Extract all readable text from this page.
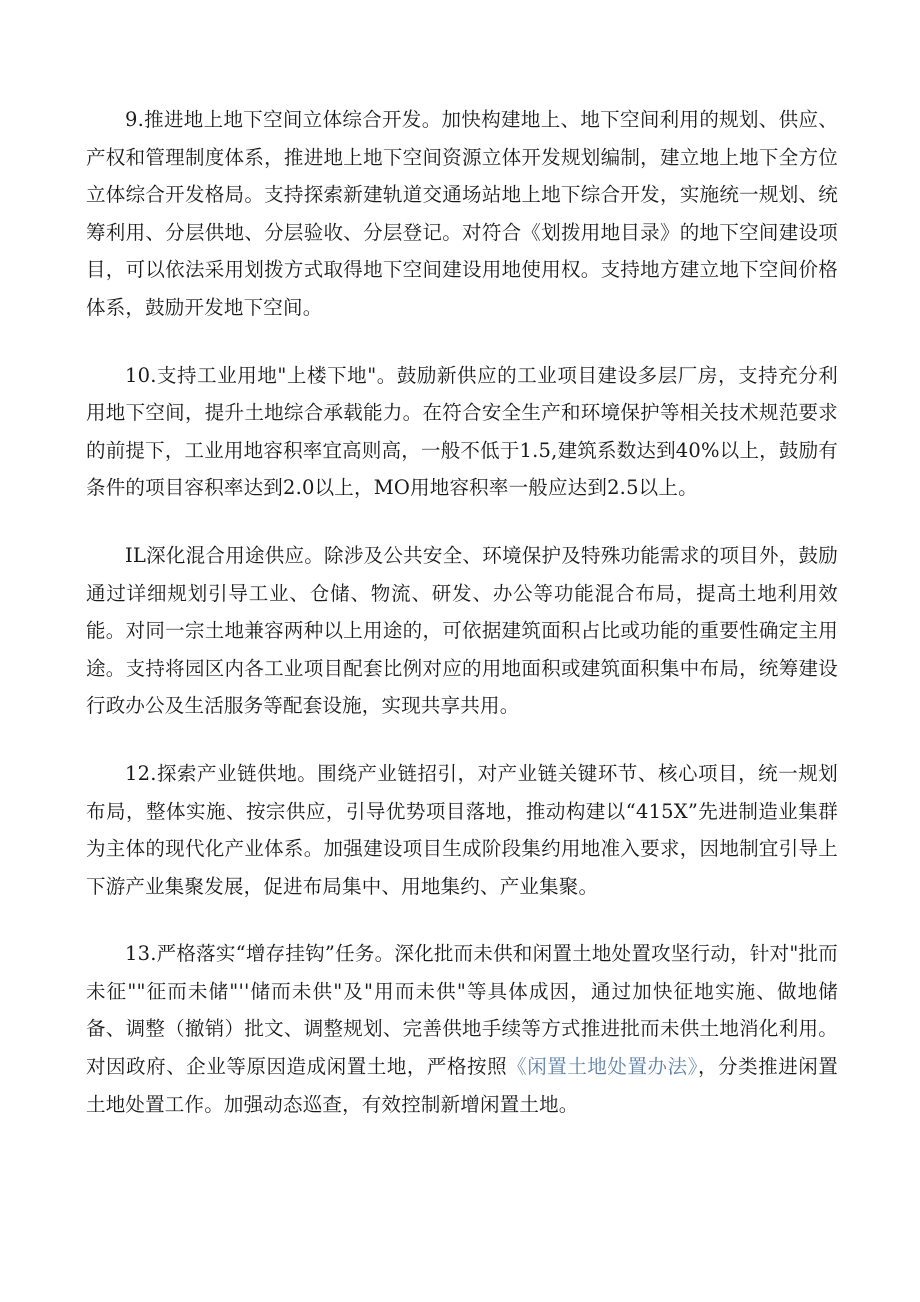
9.推进地上地下空间立体综合开发。加快构建地上、地下空间利用的规划、供应、产权和管理制度体系，推进地上地下空间资源立体开发规划编制，建立地上地下全方位立体综合开发格局。支持探索新建轨道交通场站地上地下综合开发，实施统一规划、统筹利用、分层供地、分层验收、分层登记。对符合《划拨用地目录》的地下空间建设项目，可以依法采用划拨方式取得地下空间建设用地使用权。支持地方建立地下空间价格体系，鼓励开发地下空间。

10.支持工业用地"上楼下地"。鼓励新供应的工业项目建设多层厂房，支持充分利用地下空间，提升土地综合承载能力。在符合安全生产和环境保护等相关技术规范要求的前提下，工业用地容积率宜高则高，一般不低于1.5,建筑系数达到40%以上，鼓励有条件的项目容积率达到2.0以上，MO用地容积率一般应达到2.5以上。

IL深化混合用途供应。除涉及公共安全、环境保护及特殊功能需求的项目外，鼓励通过详细规划引导工业、仓储、物流、研发、办公等功能混合布局，提高土地利用效能。对同一宗土地兼容两种以上用途的，可依据建筑面积占比或功能的重要性确定主用途。支持将园区内各工业项目配套比例对应的用地面积或建筑面积集中布局，统筹建设行政办公及生活服务等配套设施，实现共享共用。

12.探索产业链供地。围绕产业链招引，对产业链关键环节、核心项目，统一规划布局，整体实施、按宗供应，引导优势项目落地，推动构建以“415X”先进制造业集群为主体的现代化产业体系。加强建设项目生成阶段集约用地准入要求，因地制宜引导上下游产业集聚发展，促进布局集中、用地集约、产业集聚。

13.严格落实“增存挂钩”任务。深化批而未供和闲置土地处置攻坚行动，针对"批而未征""征而未储"''储而未供"及"用而未供"等具体成因，通过加快征地实施、做地储备、调整（撤销）批文、调整规划、完善供地手续等方式推进批而未供土地消化利用。对因政府、企业等原因造成闲置土地，严格按照《闲置土地处置办法》，分类推进闲置土地处置工作。加强动态巡查，有效控制新增闲置土地。
